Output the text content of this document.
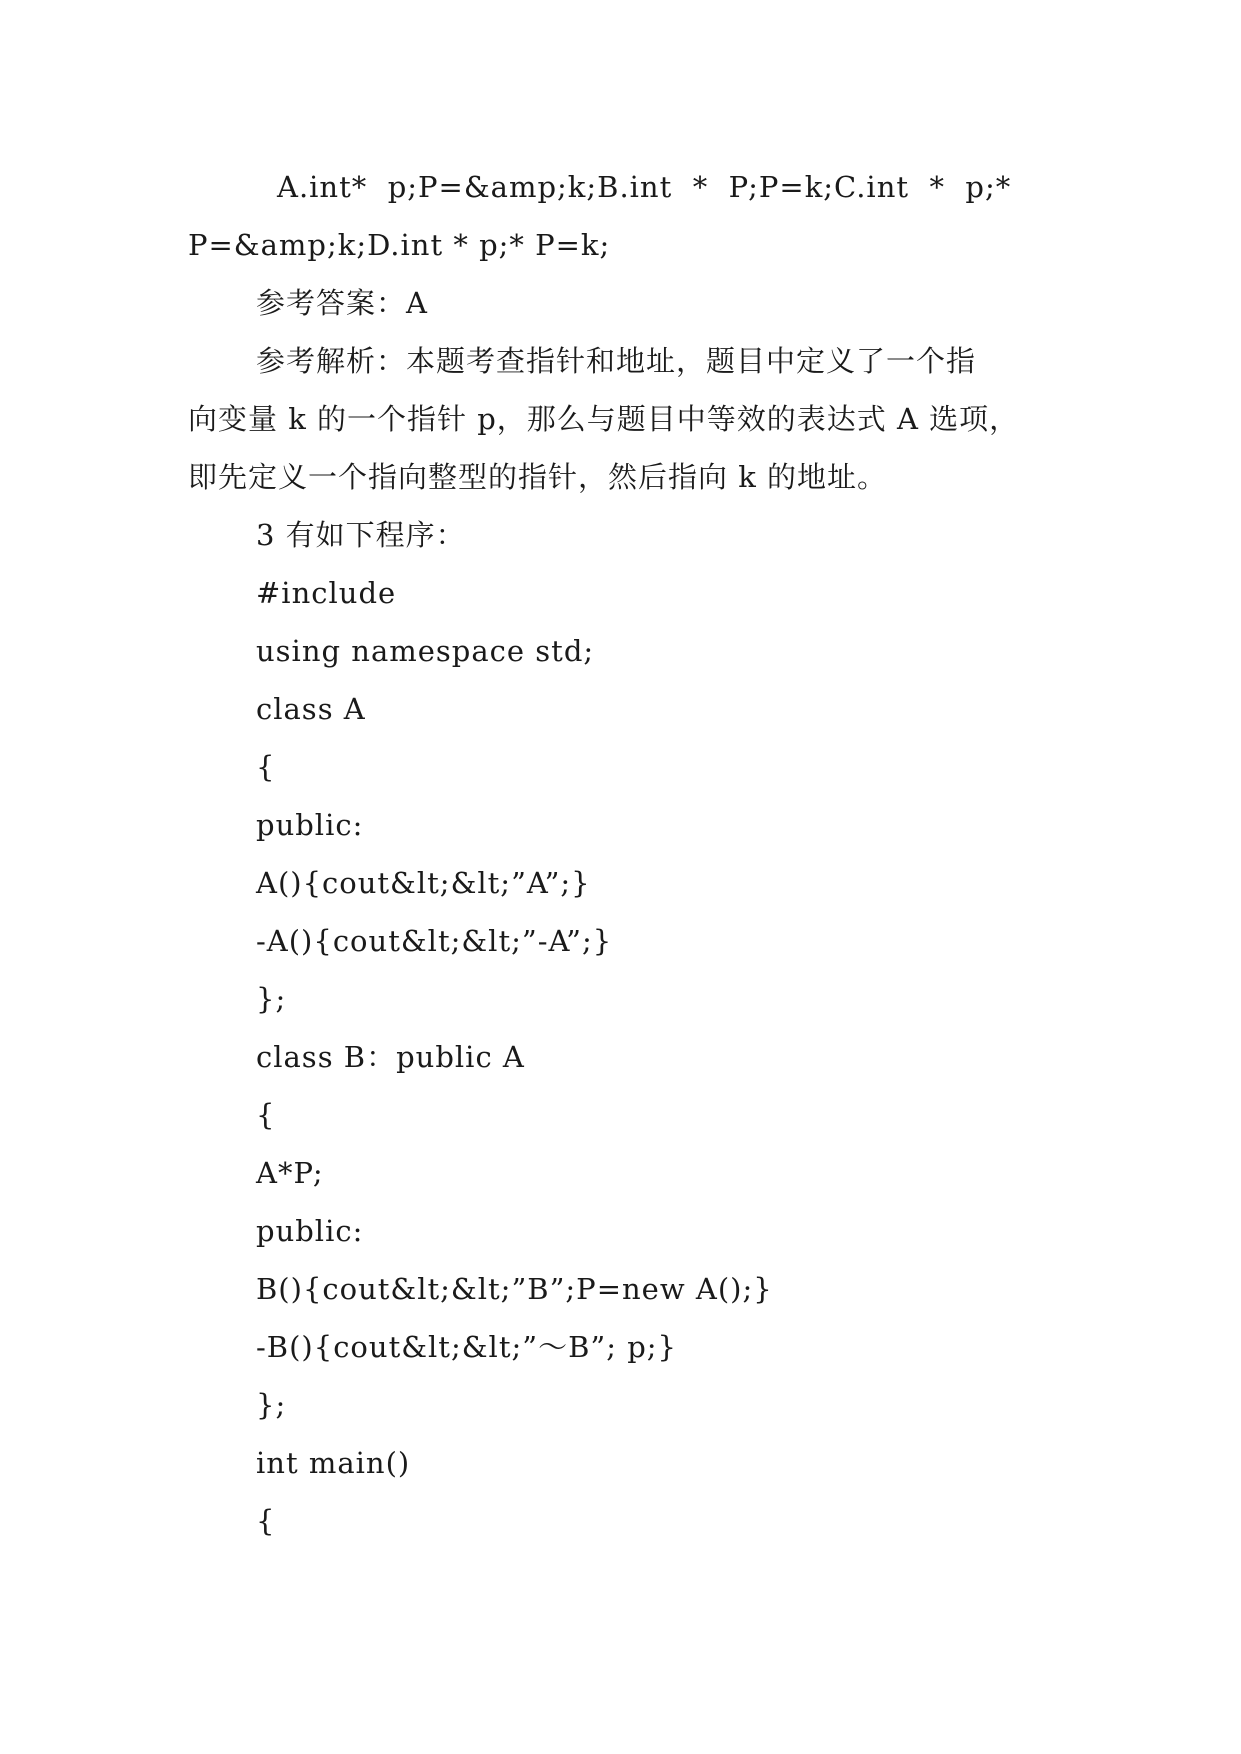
A.int*  p;P=&amp;k;B.int  *  P;P=k;C.int  *  p;*
P=&amp;k;D.int * p;* P=k;
参考答案：A
参考解析：本题考查指针和地址，题目中定义了一个指
向变量 k 的一个指针 p，那么与题目中等效的表达式 A 选项，
即先定义一个指向整型的指针，然后指向 k 的地址。
3 有如下程序：
#include
using namespace std;
class A
{
public:
A(){cout&lt;&lt;”A”;}
-A(){cout&lt;&lt;”-A”;}
};
class B：public A
{
A*P;
public:
B(){cout&lt;&lt;”B”;P=new A();}
-B(){cout&lt;&lt;”～B”; p;}
};
int main()
{
